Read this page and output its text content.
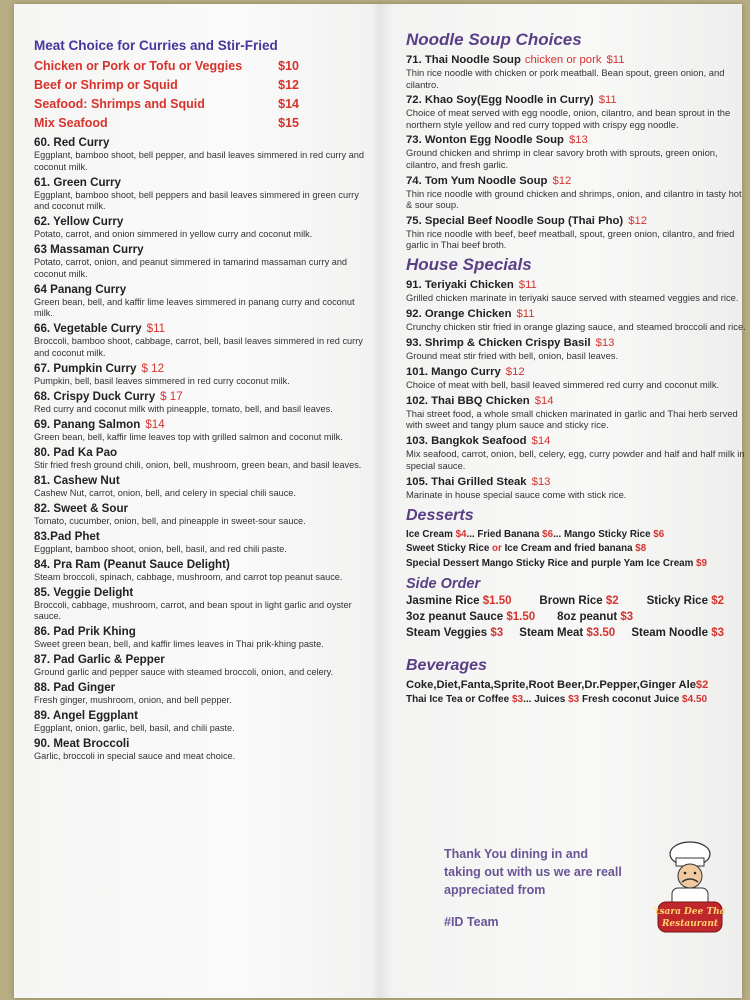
Meat Choice for Curries and Stir-Fried
Chicken or Pork or Tofu or Veggies	$10
Beef or Shrimp or Squid	$12
Seafood: Shrimps and Squid	$14
Mix Seafood	$15
60. Red Curry
Eggplant, bamboo shoot, bell pepper, and basil leaves simmered in red curry and coconut milk.
61. Green Curry
Eggplant, bamboo shoot, bell peppers and basil leaves simmered in green curry and coconut milk.
62. Yellow Curry
Potato, carrot, and onion simmered in yellow curry and coconut milk.
63 Massaman Curry
Potato, carrot, onion, and peanut simmered in tamarind massaman curry and coconut milk.
64 Panang Curry
Green bean, bell, and kaffir lime leaves simmered in panang curry and coconut milk.
66. Vegetable Curry $11
Broccoli, bamboo shoot, cabbage, carrot, bell, basil leaves simmered in red curry and coconut milk.
67. Pumpkin Curry $ 12
Pumpkin, bell, basil leaves simmered in red curry coconut milk.
68. Crispy Duck Curry $ 17
Red curry and coconut milk with pineapple, tomato, bell, and basil leaves.
69. Panang Salmon $14
Green bean, bell, kaffir lime leaves top with grilled salmon and coconut milk.
80. Pad Ka Pao
Stir fried fresh ground chili, onion, bell, mushroom, green bean, and basil leaves.
81. Cashew Nut
Cashew Nut, carrot, onion, bell, and celery in special chili sauce.
82. Sweet & Sour
Tomato, cucumber, onion, bell, and pineapple in sweet-sour sauce.
83.Pad Phet
Eggplant, bamboo shoot, onion, bell, basil, and red chili paste.
84. Pra Ram (Peanut Sauce Delight)
Steam broccoli, spinach, cabbage, mushroom, and carrot top peanut sauce.
85. Veggie Delight
Broccoli, cabbage, mushroom, carrot, and bean spout in light garlic and oyster sauce.
86. Pad Prik Khing
Sweet green bean, bell, and kaffir limes leaves in Thai prik-khing paste.
87. Pad Garlic & Pepper
Ground garlic and pepper sauce with steamed broccoli, onion, and celery.
88. Pad Ginger
Fresh ginger, mushroom, onion, and bell pepper.
89. Angel Eggplant
Eggplant, onion, garlic, bell, basil, and chili paste.
90. Meat Broccoli
Garlic, broccoli in special sauce and meat choice.
Noodle Soup Choices
71. Thai Noodle Soup chicken or pork $11
Thin rice noodle with chicken or pork meatball. Bean spout, green onion, and cilantro.
72. Khao Soy(Egg Noodle in Curry) $11
Choice of meat served with egg noodle, onion, cilantro, and bean sprout in the northern style yellow and red curry topped with crispy egg noodle.
73. Wonton Egg Noodle Soup $13
Ground chicken and shrimp in clear savory broth with sprouts, green onion, cilantro, and fresh garlic.
74. Tom Yum Noodle Soup $12
Thin rice noodle with ground chicken and shrimps, onion, and cilantro in tasty hot & sour soup.
75. Special Beef Noodle Soup (Thai Pho) $12
Thin rice noodle with beef, beef meatball, spout, green onion, cilantro, and fried garlic in Thai beef broth.
House Specials
91. Teriyaki Chicken $11
Grilled chicken marinate in teriyaki sauce served with steamed veggies and rice.
92. Orange Chicken $11
Crunchy chicken stir fried in orange glazing sauce, and steamed broccoli and rice.
93. Shrimp & Chicken Crispy Basil $13
Ground meat stir fried with bell, onion, basil leaves.
101. Mango Curry $12
Choice of meat with bell, basil leaved simmered red curry and coconut milk.
102. Thai BBQ Chicken $14
Thai street food, a whole small chicken marinated in garlic and Thai herb served with sweet and tangy plum sauce and sticky rice.
103. Bangkok Seafood $14
Mix seafood, carrot, onion, bell, celery, egg, curry powder and half and half milk in special sauce.
105. Thai Grilled Steak $13
Marinate in house special sauce come with stick rice.
Desserts
Ice Cream $4... Fried Banana $6... Mango Sticky Rice $6
Sweet Sticky Rice or Ice Cream and fried banana $8
Special Dessert Mango Sticky Rice and purple Yam Ice Cream $9
Side Order
Jasmine Rice $1.50 Brown Rice $2 Sticky Rice $2
3oz peanut Sauce $1.50 8oz peanut $3
Steam Veggies $3 Steam Meat $3.50 Steam Noodle $3
Beverages
Coke,Diet,Fanta,Sprite,Root Beer,Dr.Pepper,Ginger Ale$2
Thai Ice Tea or Coffee $3... Juices $3 Fresh coconut Juice $4.50
Thank You dining in and
taking out with us we are reall
appreciated from
#ID Team
Itsara Dee Thai
Restaurant
